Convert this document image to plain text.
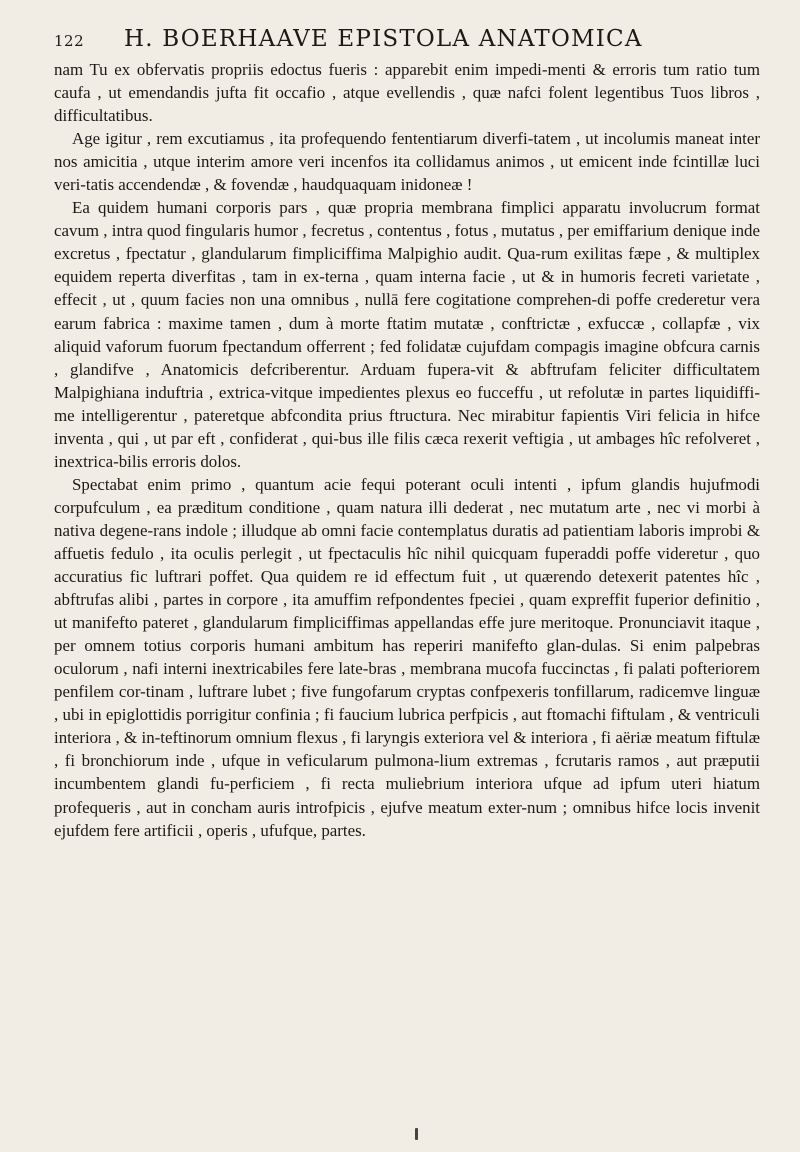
122	H. BOERHAAVE EPISTOLA ANATOMICA

nam Tu ex obfervatis propriis edoctus fueris : apparebit enim impedi-menti & erroris tum ratio tum caufa , ut emendandis jufta fit occafio , atque evellendis , quæ nafci folent legentibus Tuos libros , difficultatibus.

Age igitur , rem excutiamus , ita profequendo fententiarum diverfi-tatem , ut incolumis maneat inter nos amicitia , utque interim amore veri incenfos ita collidamus animos , ut emicent inde fcintillæ luci veri-tatis accendendæ , & fovendæ , haudquaquam inidoneæ !

Ea quidem humani corporis pars , quæ propria membrana fimplici apparatu involucrum format cavum , intra quod fingularis humor , fecretus , contentus , fotus , mutatus , per emiffarium denique inde excretus , fpectatur , glandularum fimpliciffima Malpighio audit. Qua-rum exilitas fæpe , & multiplex equidem reperta diverfitas , tam in ex-terna , quam interna facie , ut & in humoris fecreti varietate , effecit , ut , quum facies non una omnibus , nullā fere cogitatione comprehen-di poffe crederetur vera earum fabrica : maxime tamen , dum à morte ftatim mutatæ , conftrictæ , exfuccæ , collapfæ , vix aliquid vaforum fuorum fpectandum offerrent ; fed folidatæ cujufdam compagis imagine obfcura carnis , glandifve , Anatomicis defcriberentur. Arduam fupera-vit & abftrufam feliciter difficultatem Malpighiana induftria , extrica-vitque impedientes plexus eo fucceffu , ut refolutæ in partes liquidiffi-me intelligerentur , pateretque abfcondita prius ftructura. Nec mirabitur fapientis Viri felicia in hifce inventa , qui , ut par eft , confiderat , qui-bus ille filis cæca rexerit veftigia , ut ambages hîc refolveret , inextrica-bilis erroris dolos.

Spectabat enim primo , quantum acie fequi poterant oculi intenti , ipfum glandis hujufmodi corpufculum , ea præditum conditione , quam natura illi dederat , nec mutatum arte , nec vi morbi à nativa degene-rans indole ; illudque ab omni facie contemplatus duratis ad patientiam laboris improbi & affuetis fedulo , ita oculis perlegit , ut fpectaculis hîc nihil quicquam fuperaddi poffe videretur , quo accuratius fic luftrari poffet. Qua quidem re id effectum fuit , ut quærendo detexerit patentes hîc , abftrufas alibi , partes in corpore , ita amuffim refpondentes fpeciei , quam expreffit fuperior definitio , ut manifefto pateret , glandularum fimpliciffimas appellandas effe jure meritoque. Pronunciavit itaque , per omnem totius corporis humani ambitum has reperiri manifefto glan-dulas. Si enim palpebras oculorum , nafi interni inextricabiles fere late-bras , membrana mucofa fuccinctas , fi palati pofteriorem penfilem cor-tinam , luftrare lubet ; five fungofarum cryptas confpexeris tonfillarum, radicemve linguæ , ubi in epiglottidis porrigitur confinia ; fi faucium lubrica perfpicis , aut ftomachi fiftulam , & ventriculi interiora , & in-teftinorum omnium flexus , fi laryngis exteriora vel & interiora , fi aëriæ meatum fiftulæ , fi bronchiorum inde , ufque in veficularum pulmona-lium extremas , fcrutaris ramos , aut præputii incumbentem glandi fu-perficiem , fi recta muliebrium interiora ufque ad ipfum uteri hiatum profequeris , aut in concham auris introfpicis , ejufve meatum exter-num ; omnibus hifce locis invenit ejufdem fere artificii , operis , ufufque, partes.
